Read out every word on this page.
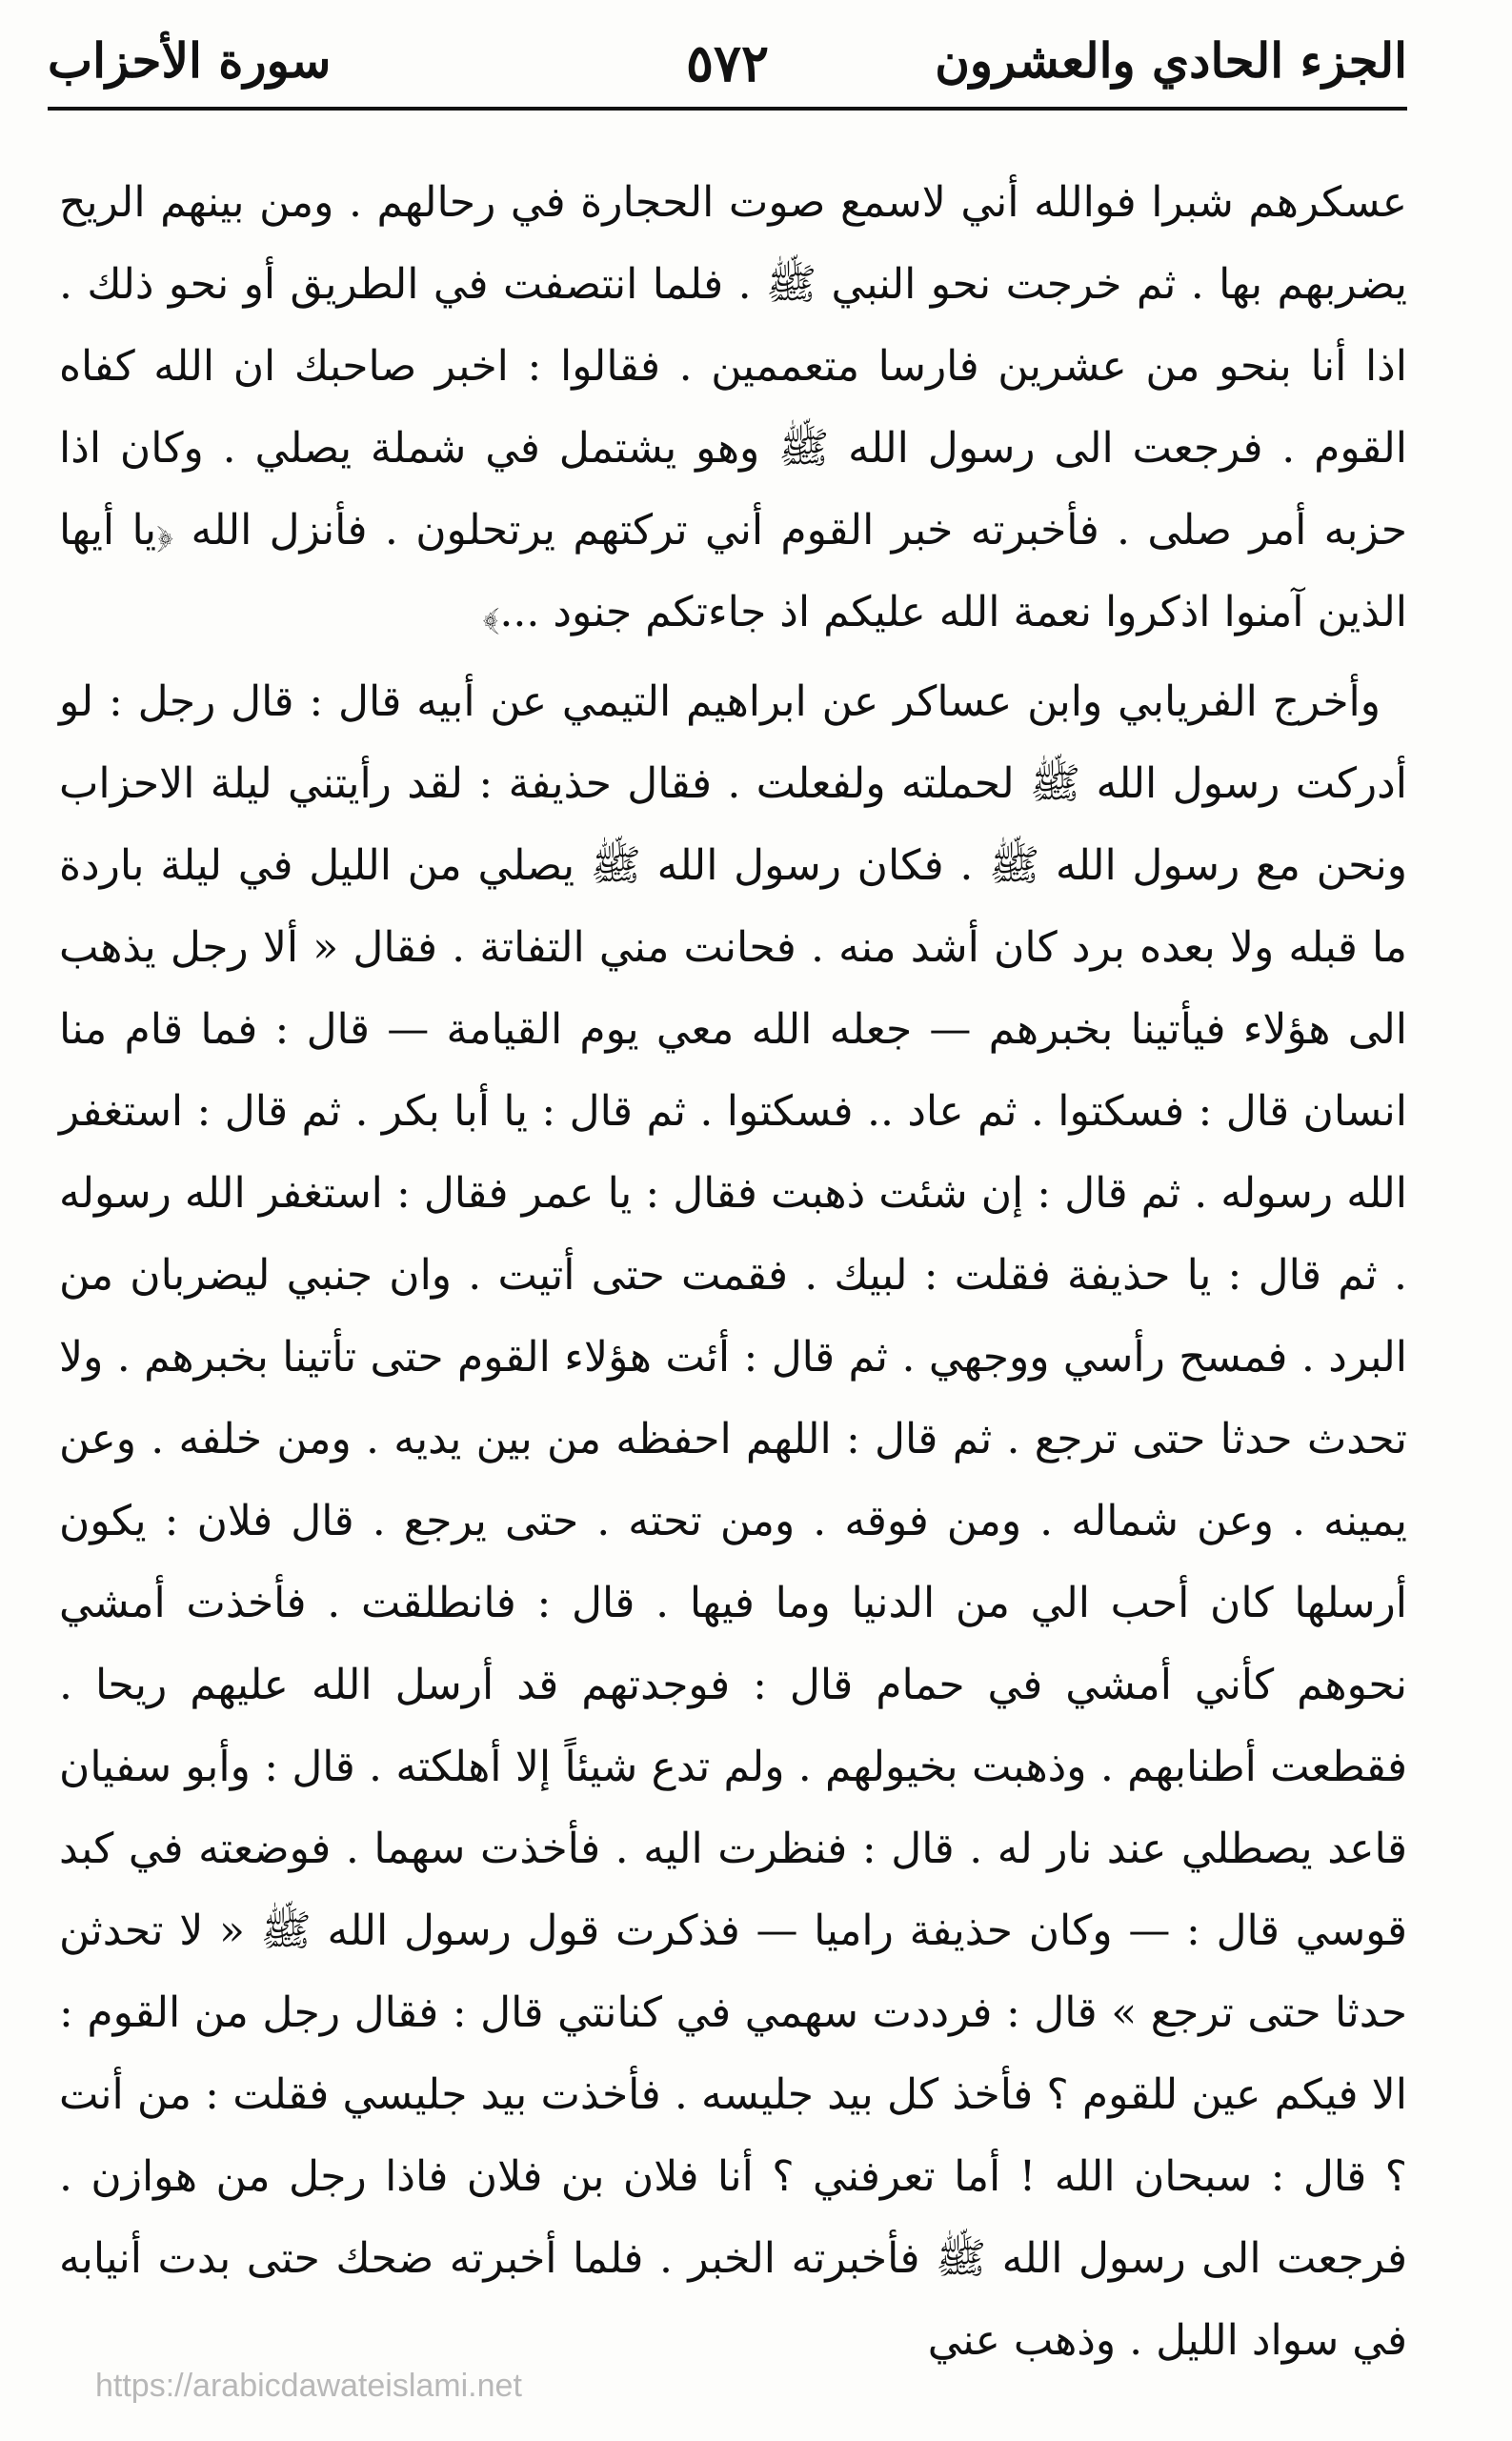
الجزء الحادي والعشرون
٥٧٢
سورة الأحزاب

عسكرهم شبرا فوالله أني لاسمع صوت الحجارة في رحالهم . ومن بينهم الريح يضربهم بها . ثم خرجت نحو النبي ﷺ . فلما انتصفت في الطريق أو نحو ذلك . اذا أنا بنحو من عشرين فارسا متعممين . فقالوا : اخبر صاحبك ان الله كفاه القوم . فرجعت الى رسول الله ﷺ وهو يشتمل في شملة يصلي . وكان اذا حزبه أمر صلى . فأخبرته خبر القوم أني تركتهم يرتحلون . فأنزل الله ﴿يا أيها الذين آمنوا اذكروا نعمة الله عليكم اذ جاءتكم جنود ...﴾

وأخرج الفريابي وابن عساكر عن ابراهيم التيمي عن أبيه قال : قال رجل : لو أدركت رسول الله ﷺ لحملته ولفعلت . فقال حذيفة : لقد رأيتني ليلة الاحزاب ونحن مع رسول الله ﷺ . فكان رسول الله ﷺ يصلي من الليل في ليلة باردة ما قبله ولا بعده برد كان أشد منه . فحانت مني التفاتة . فقال « ألا رجل يذهب الى هؤلاء فيأتينا بخبرهم — جعله الله معي يوم القيامة — قال : فما قام منا انسان قال : فسكتوا . ثم عاد .. فسكتوا . ثم قال : يا أبا بكر . ثم قال : استغفر الله رسوله . ثم قال : إن شئت ذهبت فقال : يا عمر فقال : استغفر الله رسوله . ثم قال : يا حذيفة فقلت : لبيك . فقمت حتى أتيت . وان جنبي ليضربان من البرد . فمسح رأسي ووجهي . ثم قال : أئت هؤلاء القوم حتى تأتينا بخبرهم . ولا تحدث حدثا حتى ترجع . ثم قال : اللهم احفظه من بين يديه . ومن خلفه . وعن يمينه . وعن شماله . ومن فوقه . ومن تحته . حتى يرجع . قال فلان : يكون أرسلها كان أحب الي من الدنيا وما فيها . قال : فانطلقت . فأخذت أمشي نحوهم كأني أمشي في حمام قال : فوجدتهم قد أرسل الله عليهم ريحا . فقطعت أطنابهم . وذهبت بخيولهم . ولم تدع شيئاً إلا أهلكته . قال : وأبو سفيان قاعد يصطلي عند نار له . قال : فنظرت اليه . فأخذت سهما . فوضعته في كبد قوسي قال : — وكان حذيفة راميا — فذكرت قول رسول الله ﷺ « لا تحدثن حدثا حتى ترجع » قال : فرددت سهمي في كنانتي قال : فقال رجل من القوم : الا فيكم عين للقوم ؟ فأخذ كل بيد جليسه . فأخذت بيد جليسي فقلت : من أنت ؟ قال : سبحان الله ! أما تعرفني ؟ أنا فلان بن فلان فاذا رجل من هوازن . فرجعت الى رسول الله ﷺ فأخبرته الخبر . فلما أخبرته ضحك حتى بدت أنيابه في سواد الليل . وذهب عني

https://arabicdawateislami.net
